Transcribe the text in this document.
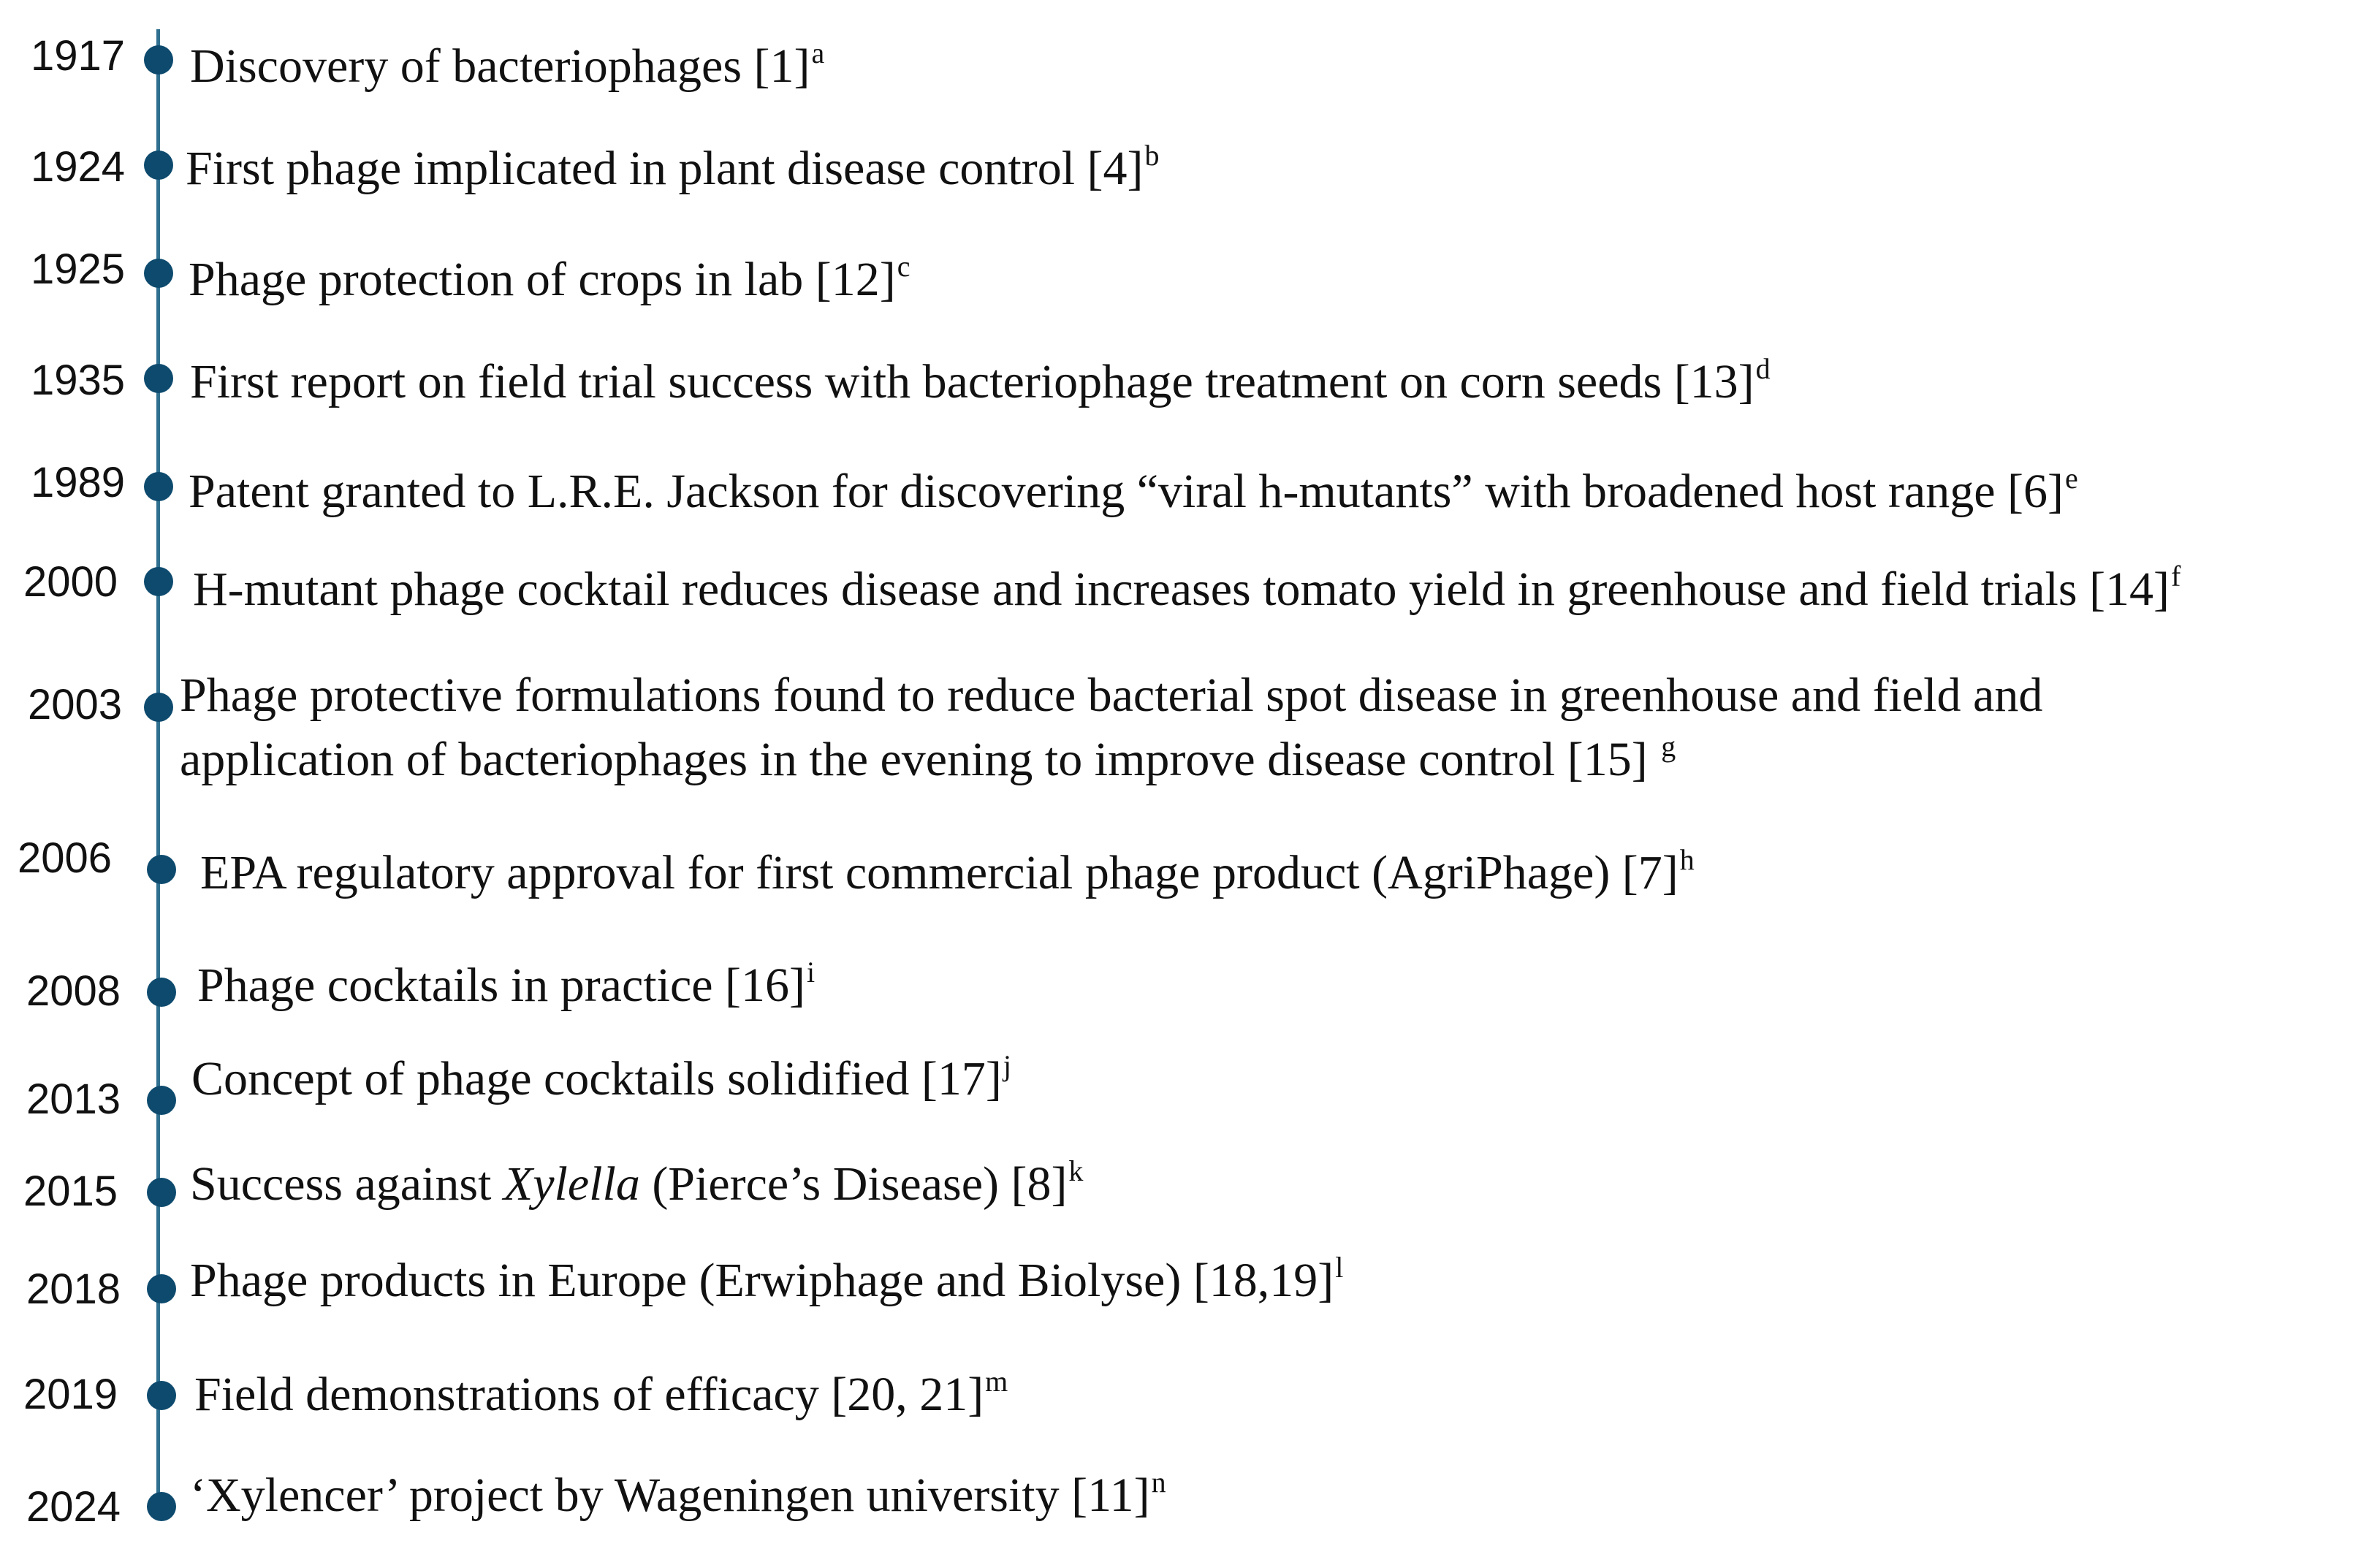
1917 Discovery of bacteriophages $[1]^a$
1924 First phage implicated in plant disease control $[4]^b$
1925 Phage protection of crops in lab $[12]^c$
1935 First report on field trial success with bacteriophage treatment on corn seeds $[13]^d$
1989 Patent granted to L.R.E. Jackson for discovering “viral h-mutants” with broadened host range $[6]^e$
2000 H-mutant phage cocktail reduces disease and increases tomato yield in greenhouse and field trials $[14]^f$
2003 Phage protective formulations found to reduce bacterial spot disease in greenhouse and field and
application of bacteriophages in the evening to improve disease control [15] $^g$
2006 EPA regulatory approval for first commercial phage product (AgriPhage) $[7]^h$
2008 Phage cocktails in practice $[16]^i$
2013 Concept of phage cocktails solidified $[17]^j$
2015 Success against Xylella (Pierce’s Disease) $[8]^k$
2018 Phage products in Europe (Erwiphage and Biolyse) $[18,19]^l$
2019 Field demonstrations of efficacy [20, 21]$^m$
2024 ‘Xylencer’ project by Wageningen university $[11]^n$
